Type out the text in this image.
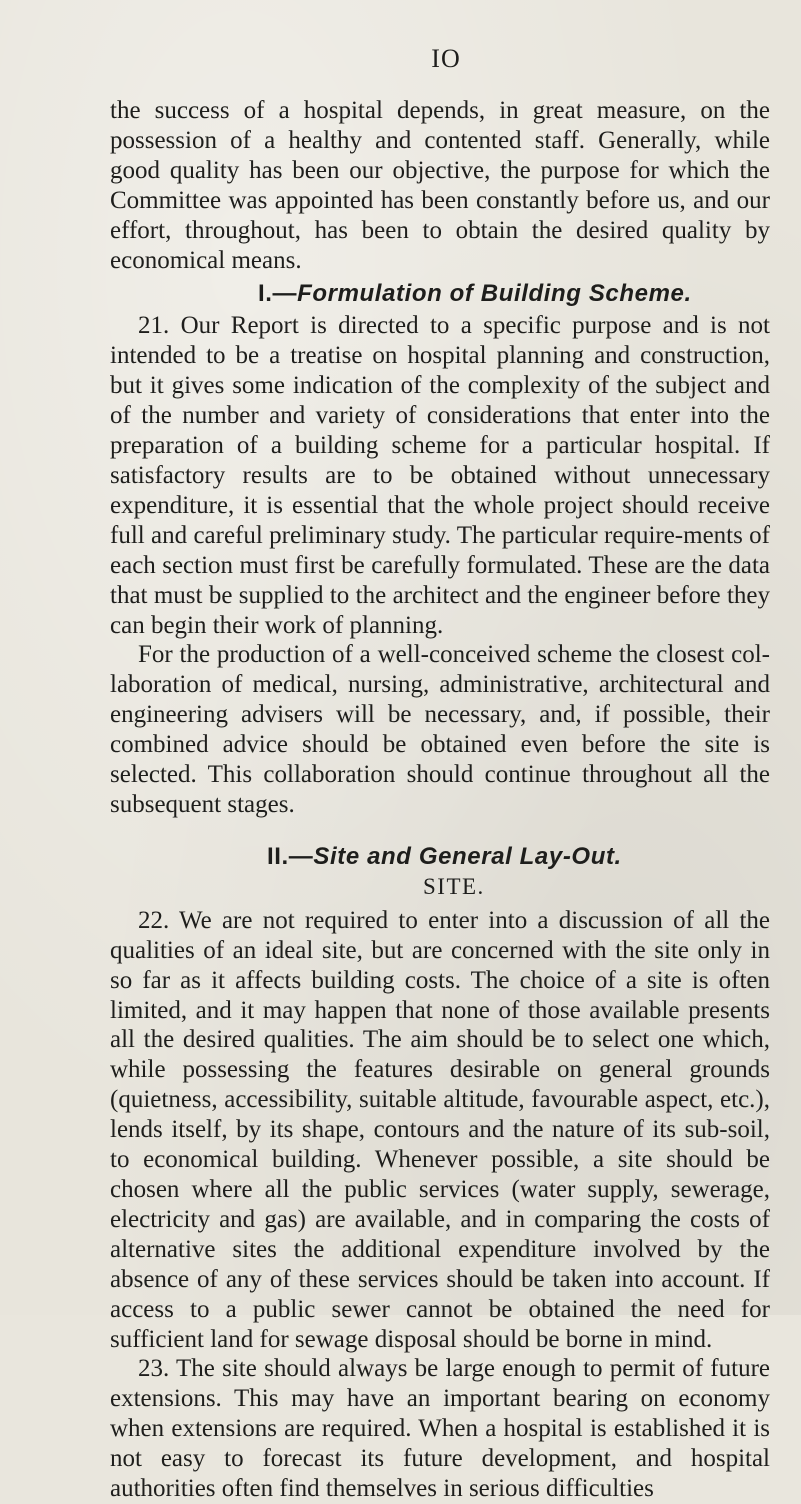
IO

the success of a hospital depends, in great measure, on the possession of a healthy and contented staff. Generally, while good quality has been our objective, the purpose for which the Committee was appointed has been constantly before us, and our effort, throughout, has been to obtain the desired quality by economical means.

I.—Formulation of Building Scheme.

21. Our Report is directed to a specific purpose and is not intended to be a treatise on hospital planning and construction, but it gives some indication of the complexity of the subject and of the number and variety of considerations that enter into the preparation of a building scheme for a particular hospital. If satisfactory results are to be obtained without unnecessary expenditure, it is essential that the whole project should receive full and careful preliminary study. The particular require-ments of each section must first be carefully formulated. These are the data that must be supplied to the architect and the engineer before they can begin their work of planning.

For the production of a well-conceived scheme the closest col-laboration of medical, nursing, administrative, architectural and engineering advisers will be necessary, and, if possible, their combined advice should be obtained even before the site is selected. This collaboration should continue throughout all the subsequent stages.

II.—Site and General Lay-Out.
SITE.

22. We are not required to enter into a discussion of all the qualities of an ideal site, but are concerned with the site only in so far as it affects building costs. The choice of a site is often limited, and it may happen that none of those available presents all the desired qualities. The aim should be to select one which, while possessing the features desirable on general grounds (quietness, accessibility, suitable altitude, favourable aspect, etc.), lends itself, by its shape, contours and the nature of its sub-soil, to economical building. Whenever possible, a site should be chosen where all the public services (water supply, sewerage, electricity and gas) are available, and in comparing the costs of alternative sites the additional expenditure involved by the absence of any of these services should be taken into account. If access to a public sewer cannot be obtained the need for sufficient land for sewage disposal should be borne in mind.

23. The site should always be large enough to permit of future extensions. This may have an important bearing on economy when extensions are required. When a hospital is established it is not easy to forecast its future development, and hospital authorities often find themselves in serious difficulties
